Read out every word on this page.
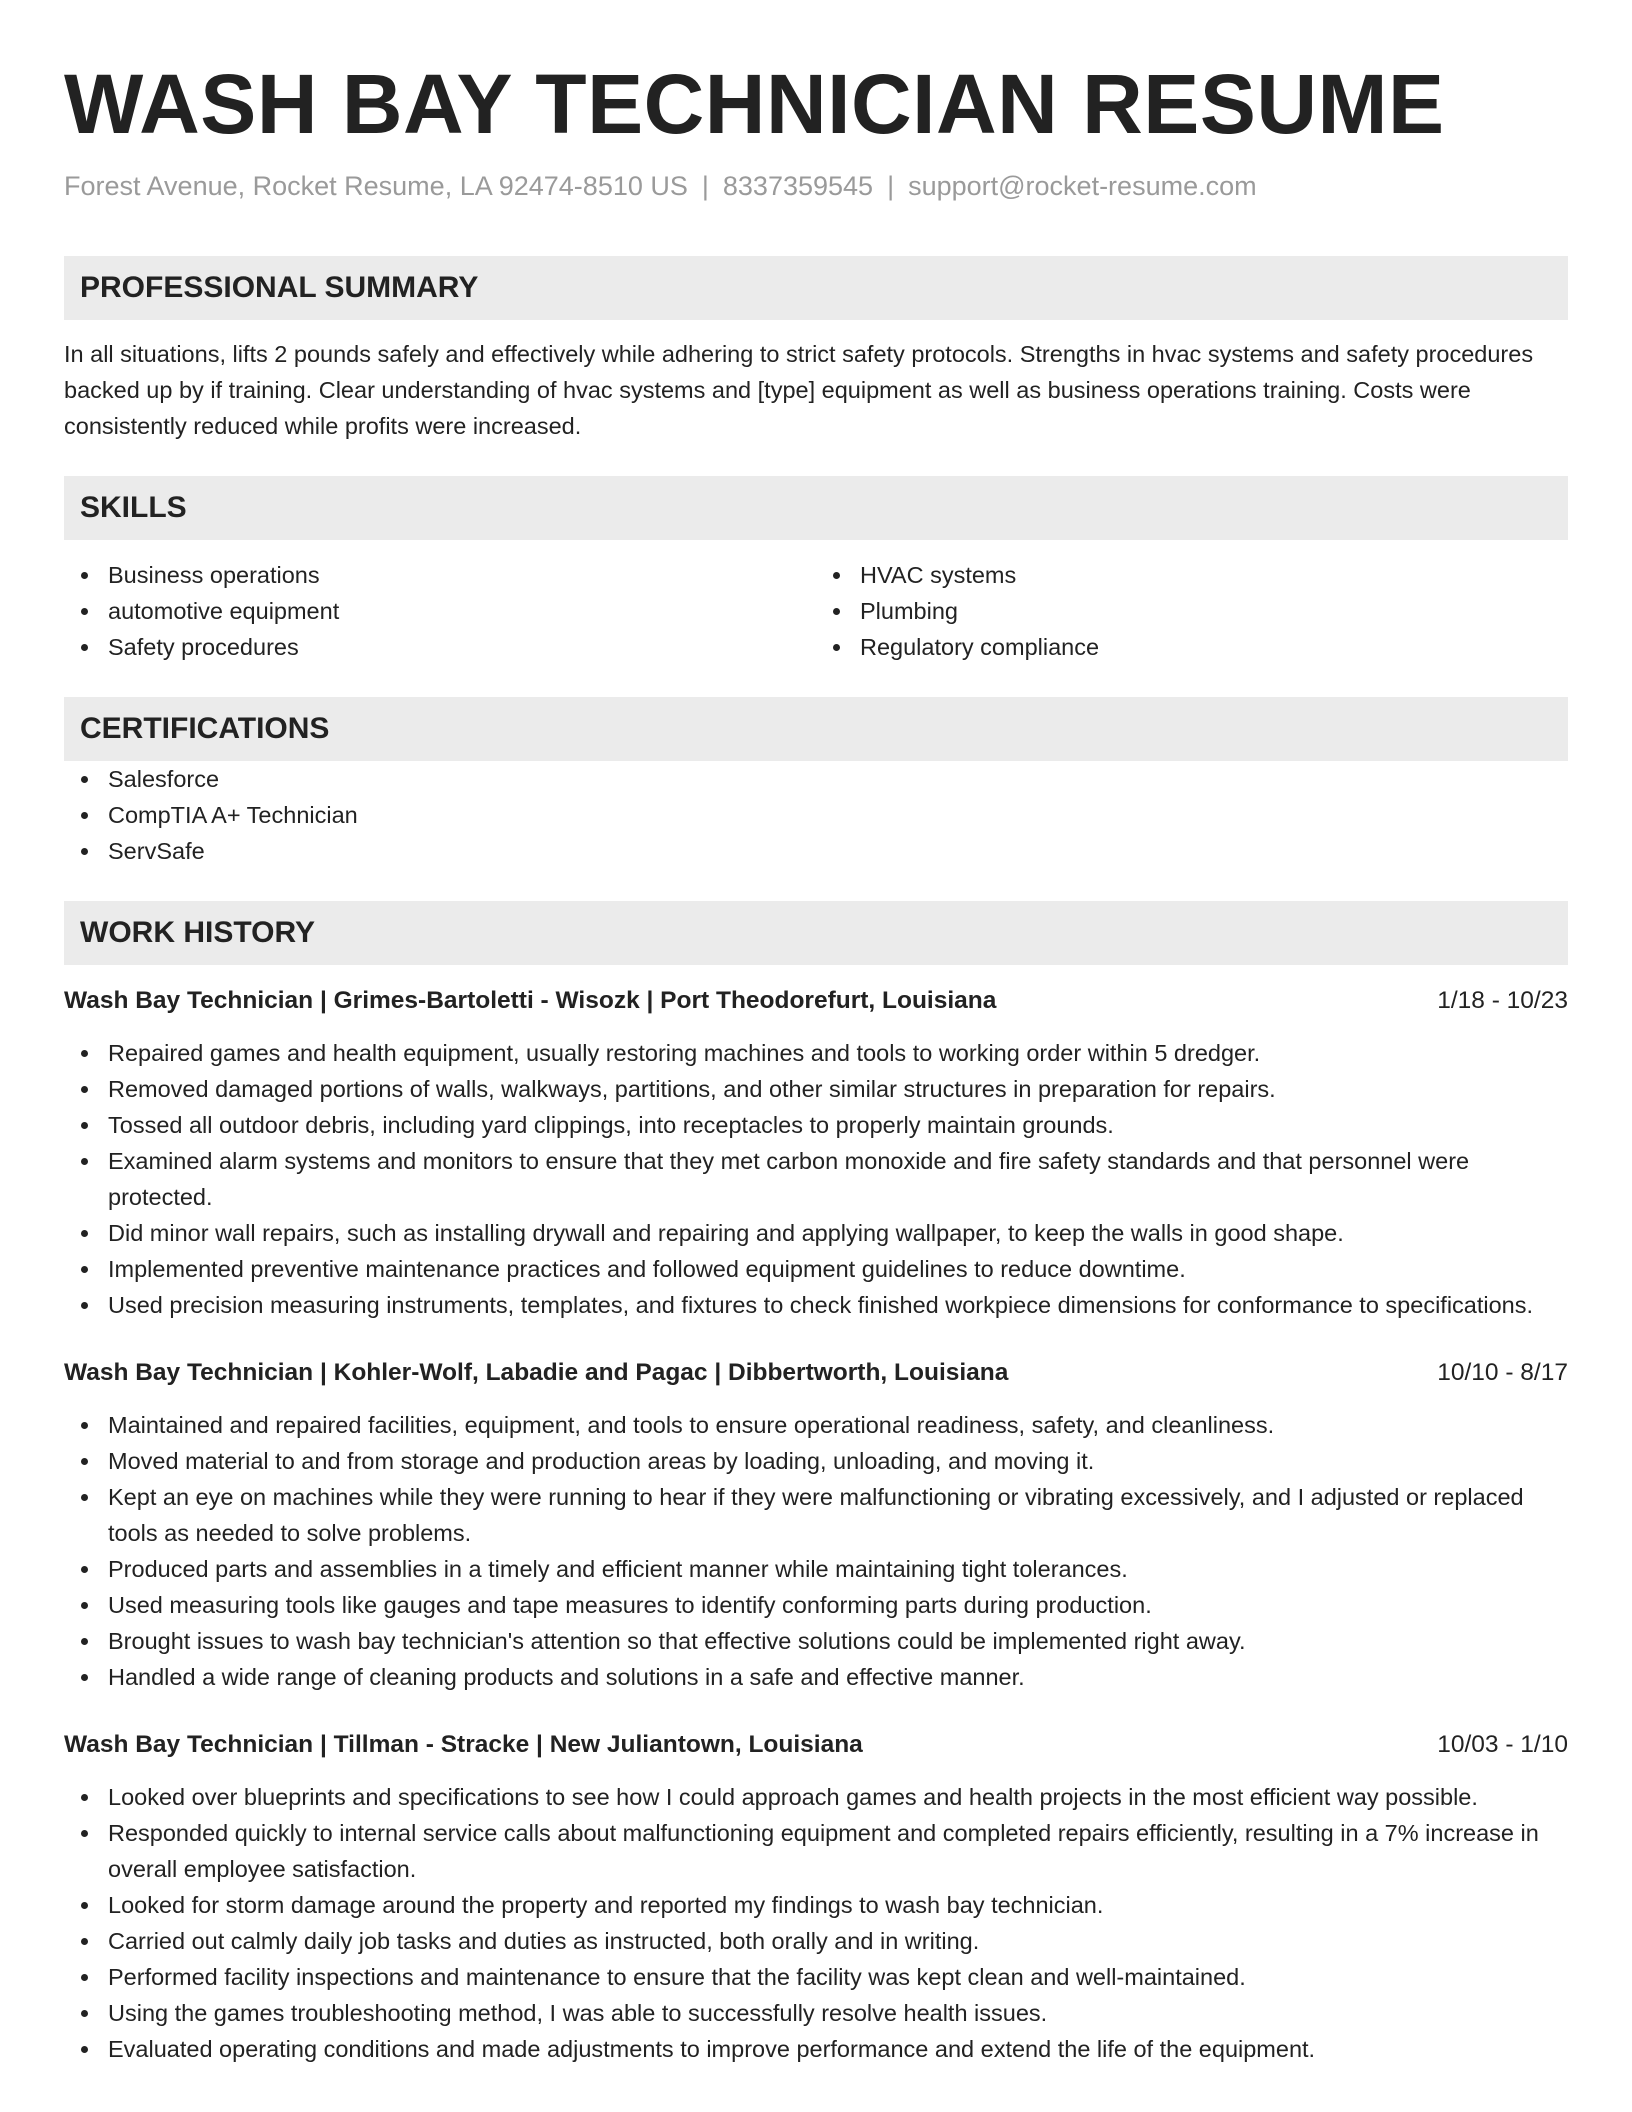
WASH BAY TECHNICIAN RESUME
Forest Avenue, Rocket Resume, LA 92474-8510 US | 8337359545 | support@rocket-resume.com
PROFESSIONAL SUMMARY
In all situations, lifts 2 pounds safely and effectively while adhering to strict safety protocols. Strengths in hvac systems and safety procedures backed up by if training. Clear understanding of hvac systems and [type] equipment as well as business operations training. Costs were consistently reduced while profits were increased.
SKILLS
Business operations
automotive equipment
Safety procedures
HVAC systems
Plumbing
Regulatory compliance
CERTIFICATIONS
Salesforce
CompTIA A+ Technician
ServSafe
WORK HISTORY
Wash Bay Technician | Grimes-Bartoletti - Wisozk | Port Theodorefurt, Louisiana	1/18 - 10/23
Repaired games and health equipment, usually restoring machines and tools to working order within 5 dredger.
Removed damaged portions of walls, walkways, partitions, and other similar structures in preparation for repairs.
Tossed all outdoor debris, including yard clippings, into receptacles to properly maintain grounds.
Examined alarm systems and monitors to ensure that they met carbon monoxide and fire safety standards and that personnel were protected.
Did minor wall repairs, such as installing drywall and repairing and applying wallpaper, to keep the walls in good shape.
Implemented preventive maintenance practices and followed equipment guidelines to reduce downtime.
Used precision measuring instruments, templates, and fixtures to check finished workpiece dimensions for conformance to specifications.
Wash Bay Technician | Kohler-Wolf, Labadie and Pagac | Dibbertworth, Louisiana	10/10 - 8/17
Maintained and repaired facilities, equipment, and tools to ensure operational readiness, safety, and cleanliness.
Moved material to and from storage and production areas by loading, unloading, and moving it.
Kept an eye on machines while they were running to hear if they were malfunctioning or vibrating excessively, and I adjusted or replaced tools as needed to solve problems.
Produced parts and assemblies in a timely and efficient manner while maintaining tight tolerances.
Used measuring tools like gauges and tape measures to identify conforming parts during production.
Brought issues to wash bay technician's attention so that effective solutions could be implemented right away.
Handled a wide range of cleaning products and solutions in a safe and effective manner.
Wash Bay Technician | Tillman - Stracke | New Juliantown, Louisiana	10/03 - 1/10
Looked over blueprints and specifications to see how I could approach games and health projects in the most efficient way possible.
Responded quickly to internal service calls about malfunctioning equipment and completed repairs efficiently, resulting in a 7% increase in overall employee satisfaction.
Looked for storm damage around the property and reported my findings to wash bay technician.
Carried out calmly daily job tasks and duties as instructed, both orally and in writing.
Performed facility inspections and maintenance to ensure that the facility was kept clean and well-maintained.
Using the games troubleshooting method, I was able to successfully resolve health issues.
Evaluated operating conditions and made adjustments to improve performance and extend the life of the equipment.
